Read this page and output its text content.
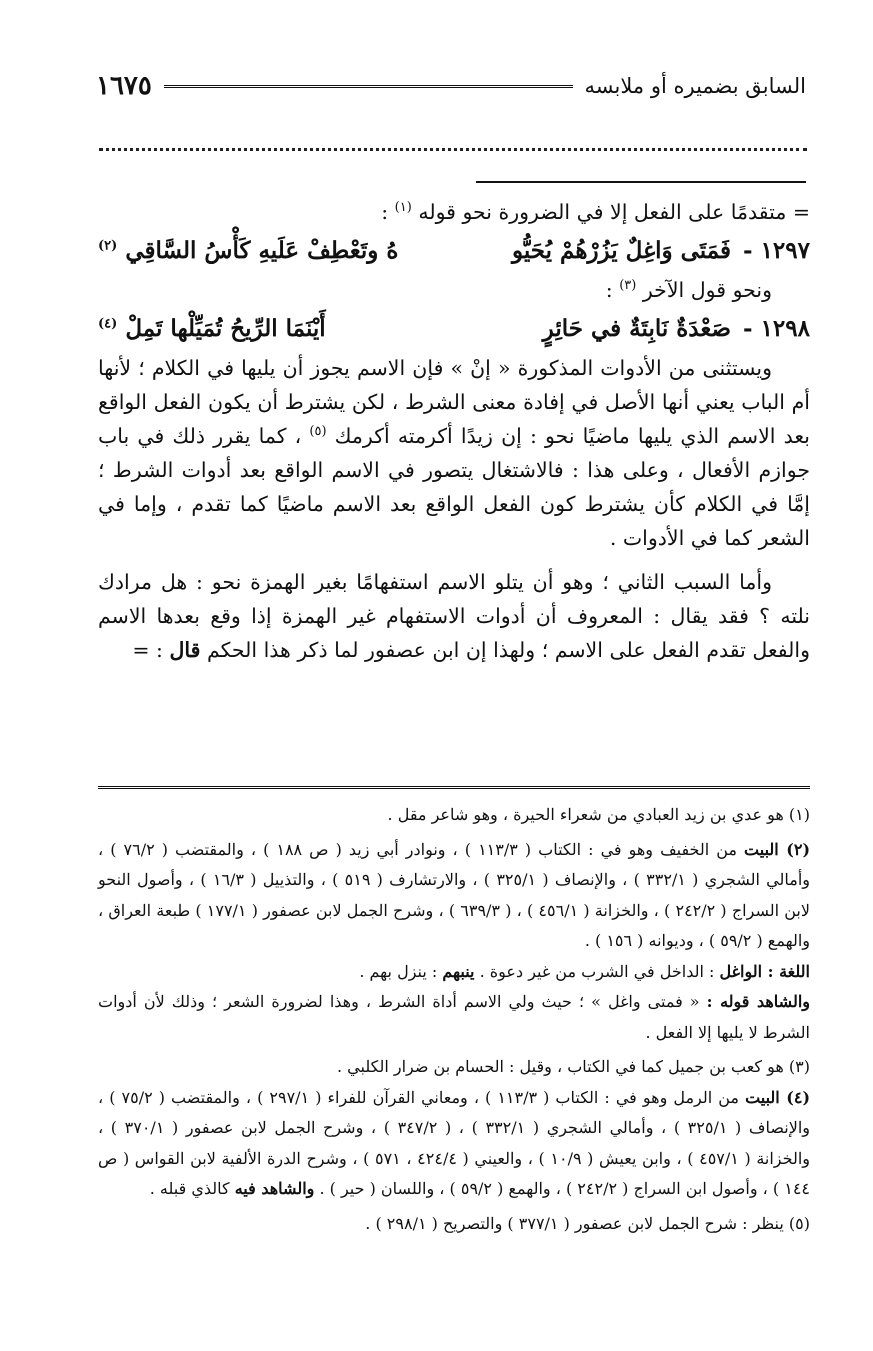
السابق بضميره أو ملابسه
١٦٧٥

= متقدمًا على الفعل إلا في الضرورة نحو قوله $^{(١)}$ :

١٢٩٧ -
فَمَتَى وَاغِلٌ يَزُرْهُمْ يُحَيُّو
هُ وتَعْطِفْ عَلَيهِ كَأْسُ السَّاقِي $^{(٢)}$

ونحو قول الآخر $^{(٣)}$ :

١٢٩٨ -
صَعْدَةٌ نَابِتَةٌ في حَائِرٍ
أَيْنَمَا الرِّيحُ تُمَيِّلْها تَمِلْ $^{(٤)}$

ويستثنى من الأدوات المذكورة « إنْ » فإن الاسم يجوز أن يليها في الكلام ؛ لأنها أم الباب يعني أنها الأصل في إفادة معنى الشرط ، لكن يشترط أن يكون الفعل الواقع بعد الاسم الذي يليها ماضيًا نحو : إن زيدًا أكرمته أكرمك $^{(٥)}$ ، كما يقرر ذلك في باب جوازم الأفعال ، وعلى هذا : فالاشتغال يتصور في الاسم الواقع بعد أدوات الشرط ؛ إمَّا في الكلام كأن يشترط كون الفعل الواقع بعد الاسم ماضيًا كما تقدم ، وإما في الشعر كما في الأدوات .

وأما السبب الثاني ؛ وهو أن يتلو الاسم استفهامًا بغير الهمزة نحو : هل مرادك نلته ؟ فقد يقال : المعروف أن أدوات الاستفهام غير الهمزة إذا وقع بعدها الاسم والفعل تقدم الفعل على الاسم ؛ ولهذا إن ابن عصفور لما ذكر هذا الحكم قال : =

(١) هو عدي بن زيد العبادي من شعراء الحيرة ، وهو شاعر مقل .

(٢) البيت من الخفيف وهو في : الكتاب ( ١١٣/٣ ) ، ونوادر أبي زيد ( ص ١٨٨ ) ، والمقتضب ( ٧٦/٢ ) ، وأمالي الشجري ( ٣٣٢/١ ) ، والإنصاف ( ٣٢٥/١ ) ، والارتشارف ( ٥١٩ ) ، والتذييل ( ١٦/٣ ) ، وأصول النحو لابن السراج ( ٢٤٢/٢ ) ، والخزانة ( ٤٥٦/١ ) ، ( ٦٣٩/٣ ) ، وشرح الجمل لابن عصفور ( ١٧٧/١ ) طبعة العراق ، والهمع ( ٥٩/٢ ) ، وديوانه ( ١٥٦ ) .

اللغة : الواغل : الداخل في الشرب من غير دعوة . ينبهم : ينزل بهم .

والشاهد قوله : « فمتى واغل » ؛ حيث ولي الاسم أداة الشرط ، وهذا لضرورة الشعر ؛ وذلك لأن أدوات الشرط لا يليها إلا الفعل .

(٣) هو كعب بن جميل كما في الكتاب ، وقيل : الحسام بن ضرار الكلبي .

(٤) البيت من الرمل وهو في : الكتاب ( ١١٣/٣ ) ، ومعاني القرآن للفراء ( ٢٩٧/١ ) ، والمقتضب ( ٧٥/٢ ) ، والإنصاف ( ٣٢٥/١ ) ، وأمالي الشجري ( ٣٣٢/١ ) ، ( ٣٤٧/٢ ) ، وشرح الجمل لابن عصفور ( ٣٧٠/١ ) ، والخزانة ( ٤٥٧/١ ) ، وابن يعيش ( ١٠/٩ ) ، والعيني ( ٤٢٤/٤ ، ٥٧١ ) ، وشرح الدرة الألفية لابن القواس ( ص ١٤٤ ) ، وأصول ابن السراج ( ٢٤٢/٢ ) ، والهمع ( ٥٩/٢ ) ، واللسان ( حير ) . والشاهد فيه كالذي قبله .

(٥) ينظر : شرح الجمل لابن عصفور ( ٣٧٧/١ ) والتصريح ( ٢٩٨/١ ) .
